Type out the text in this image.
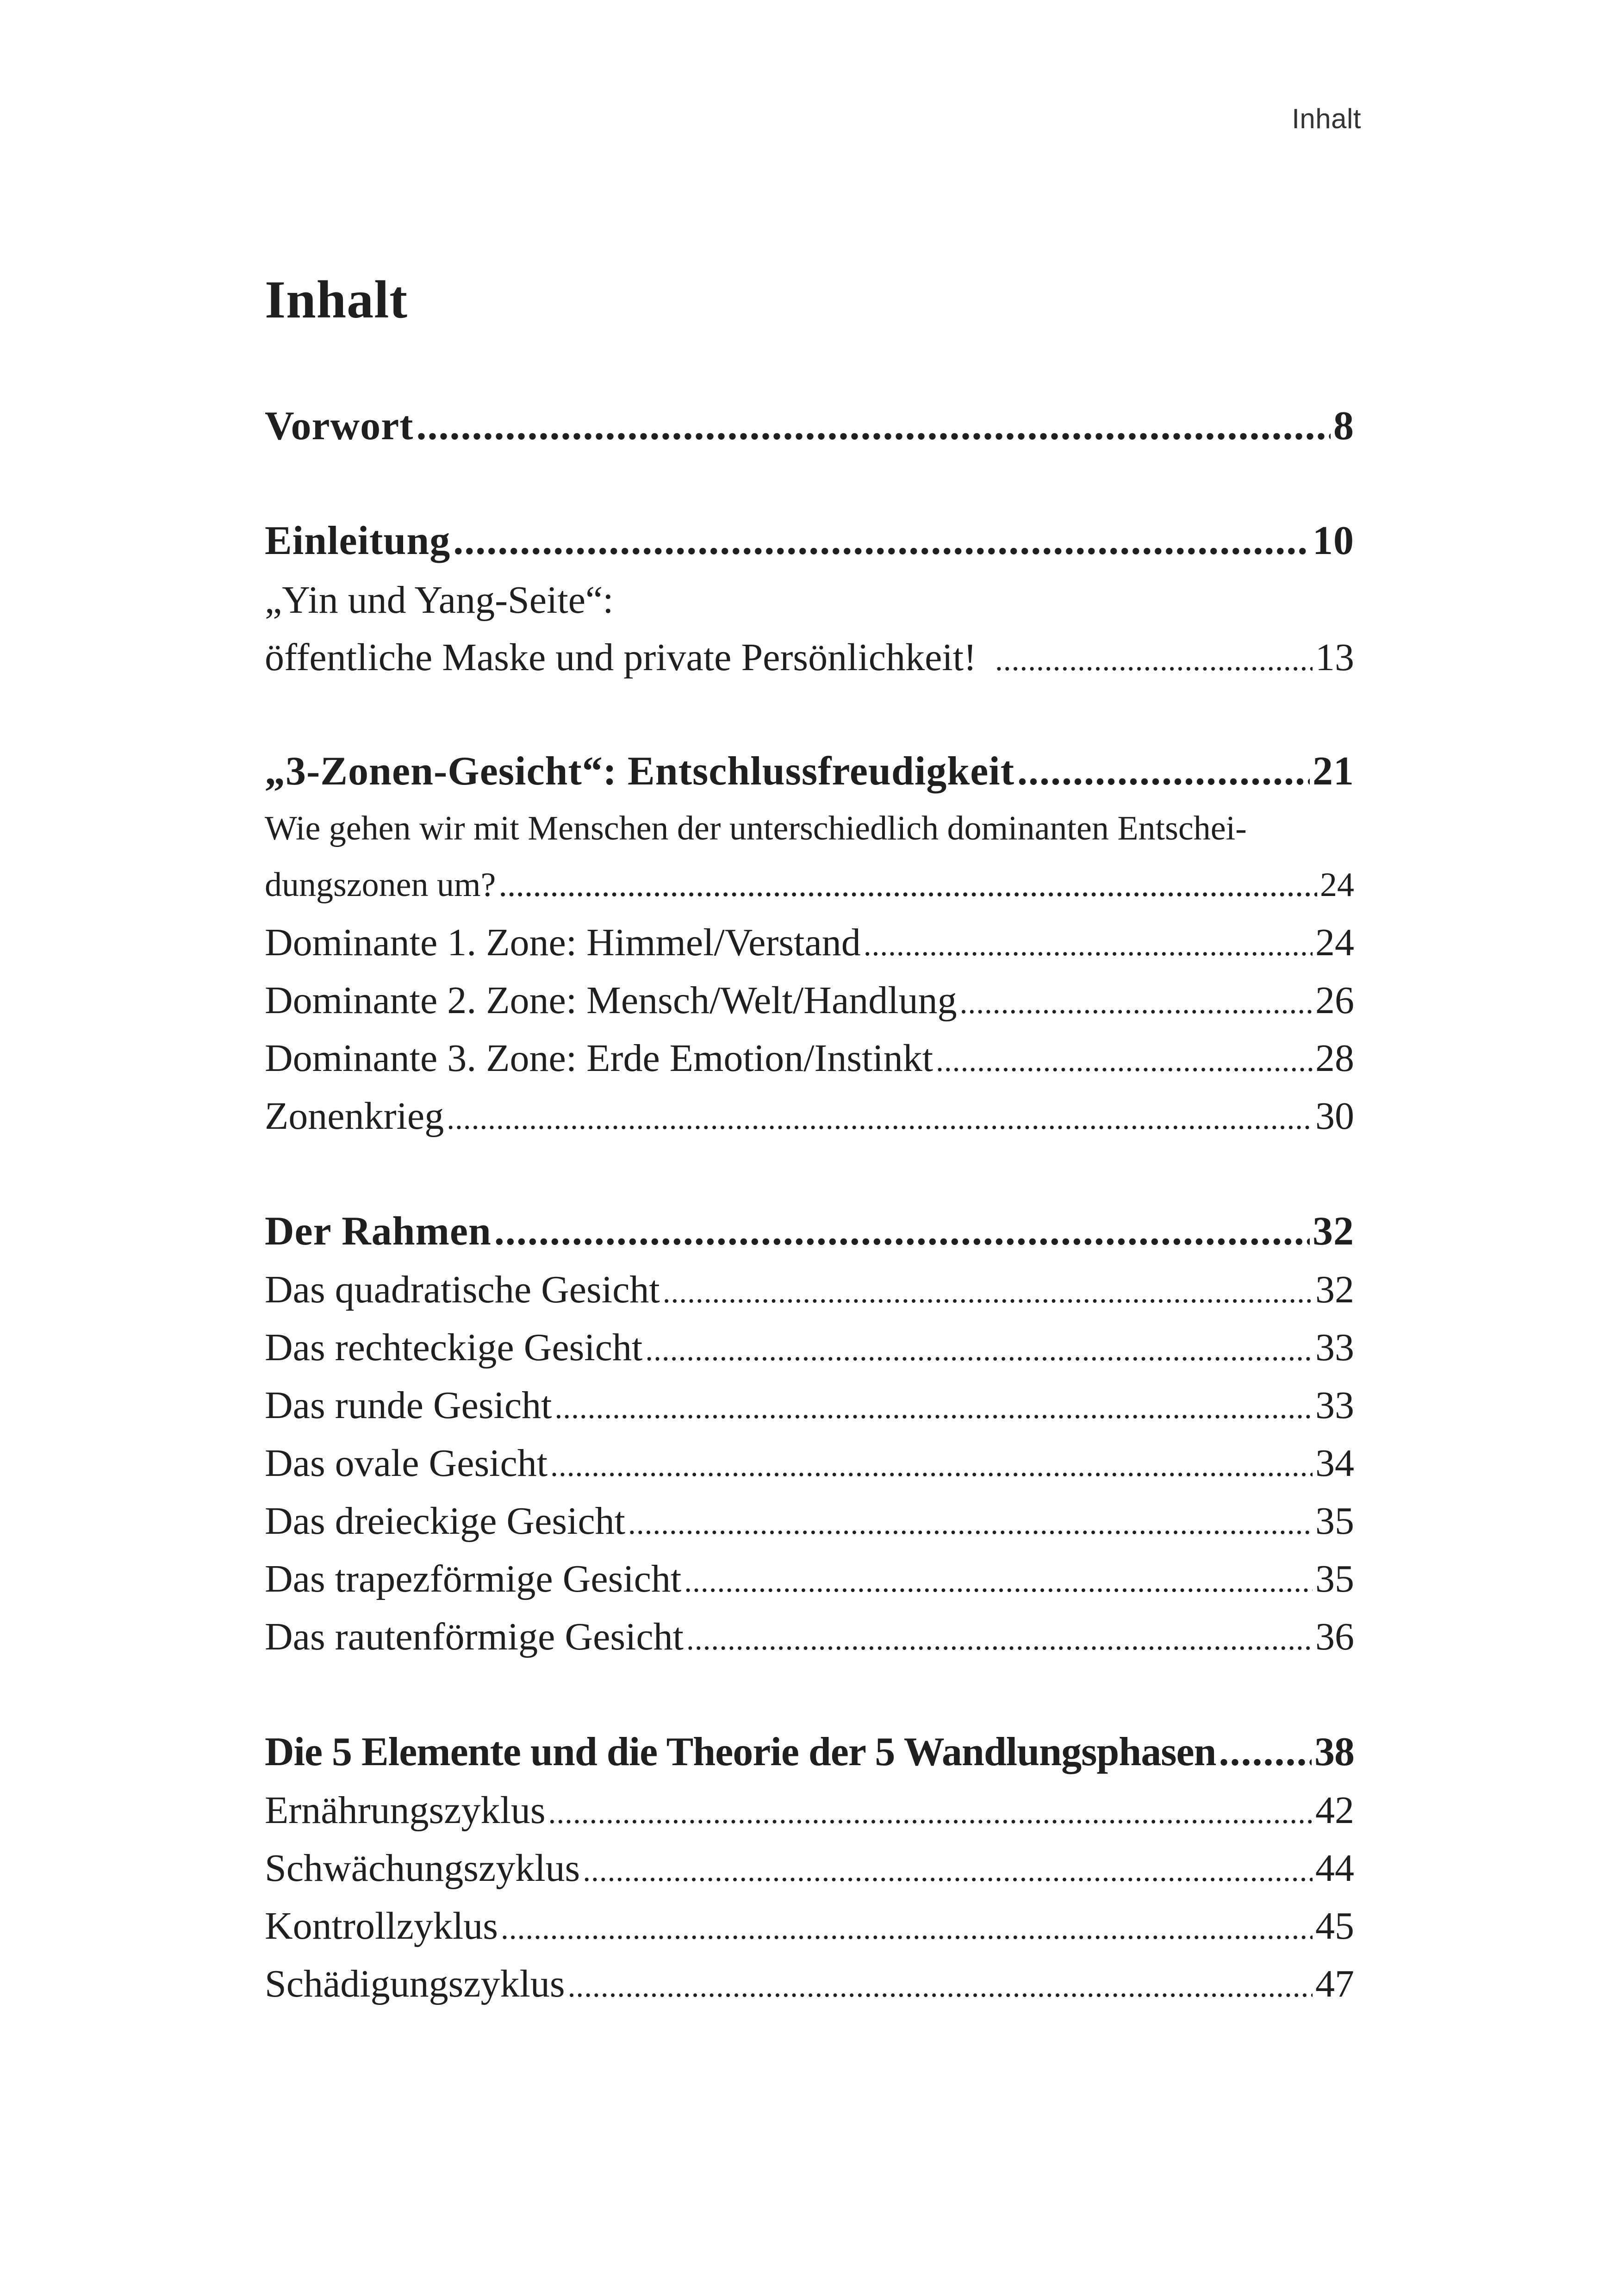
Inhalt
Inhalt
Vorwort .....	8
Einleitung .....	10
„Yin und Yang-Seite“:
öffentliche Maske und private Persönlichkeit! .....	13
„3-Zonen-Gesicht“: Entschlussfreudigkeit .....	21
Wie gehen wir mit Menschen der unterschiedlich dominanten Entschei-
dungszonen um? .....	24
Dominante 1. Zone: Himmel/Verstand .....	24
Dominante 2. Zone: Mensch/Welt/Handlung .....	26
Dominante 3. Zone: Erde Emotion/Instinkt .....	28
Zonenkrieg .....	30
Der Rahmen .....	32
Das quadratische Gesicht .....	32
Das rechteckige Gesicht .....	33
Das runde Gesicht .....	33
Das ovale Gesicht .....	34
Das dreieckige Gesicht .....	35
Das trapezförmige Gesicht .....	35
Das rautenförmige Gesicht .....	36
Die 5 Elemente und die Theorie der 5 Wandlungsphasen ..... 38
Ernährungszyklus .....	42
Schwächungszyklus .....	44
Kontrollzyklus .....	45
Schädigungszyklus .....	47
